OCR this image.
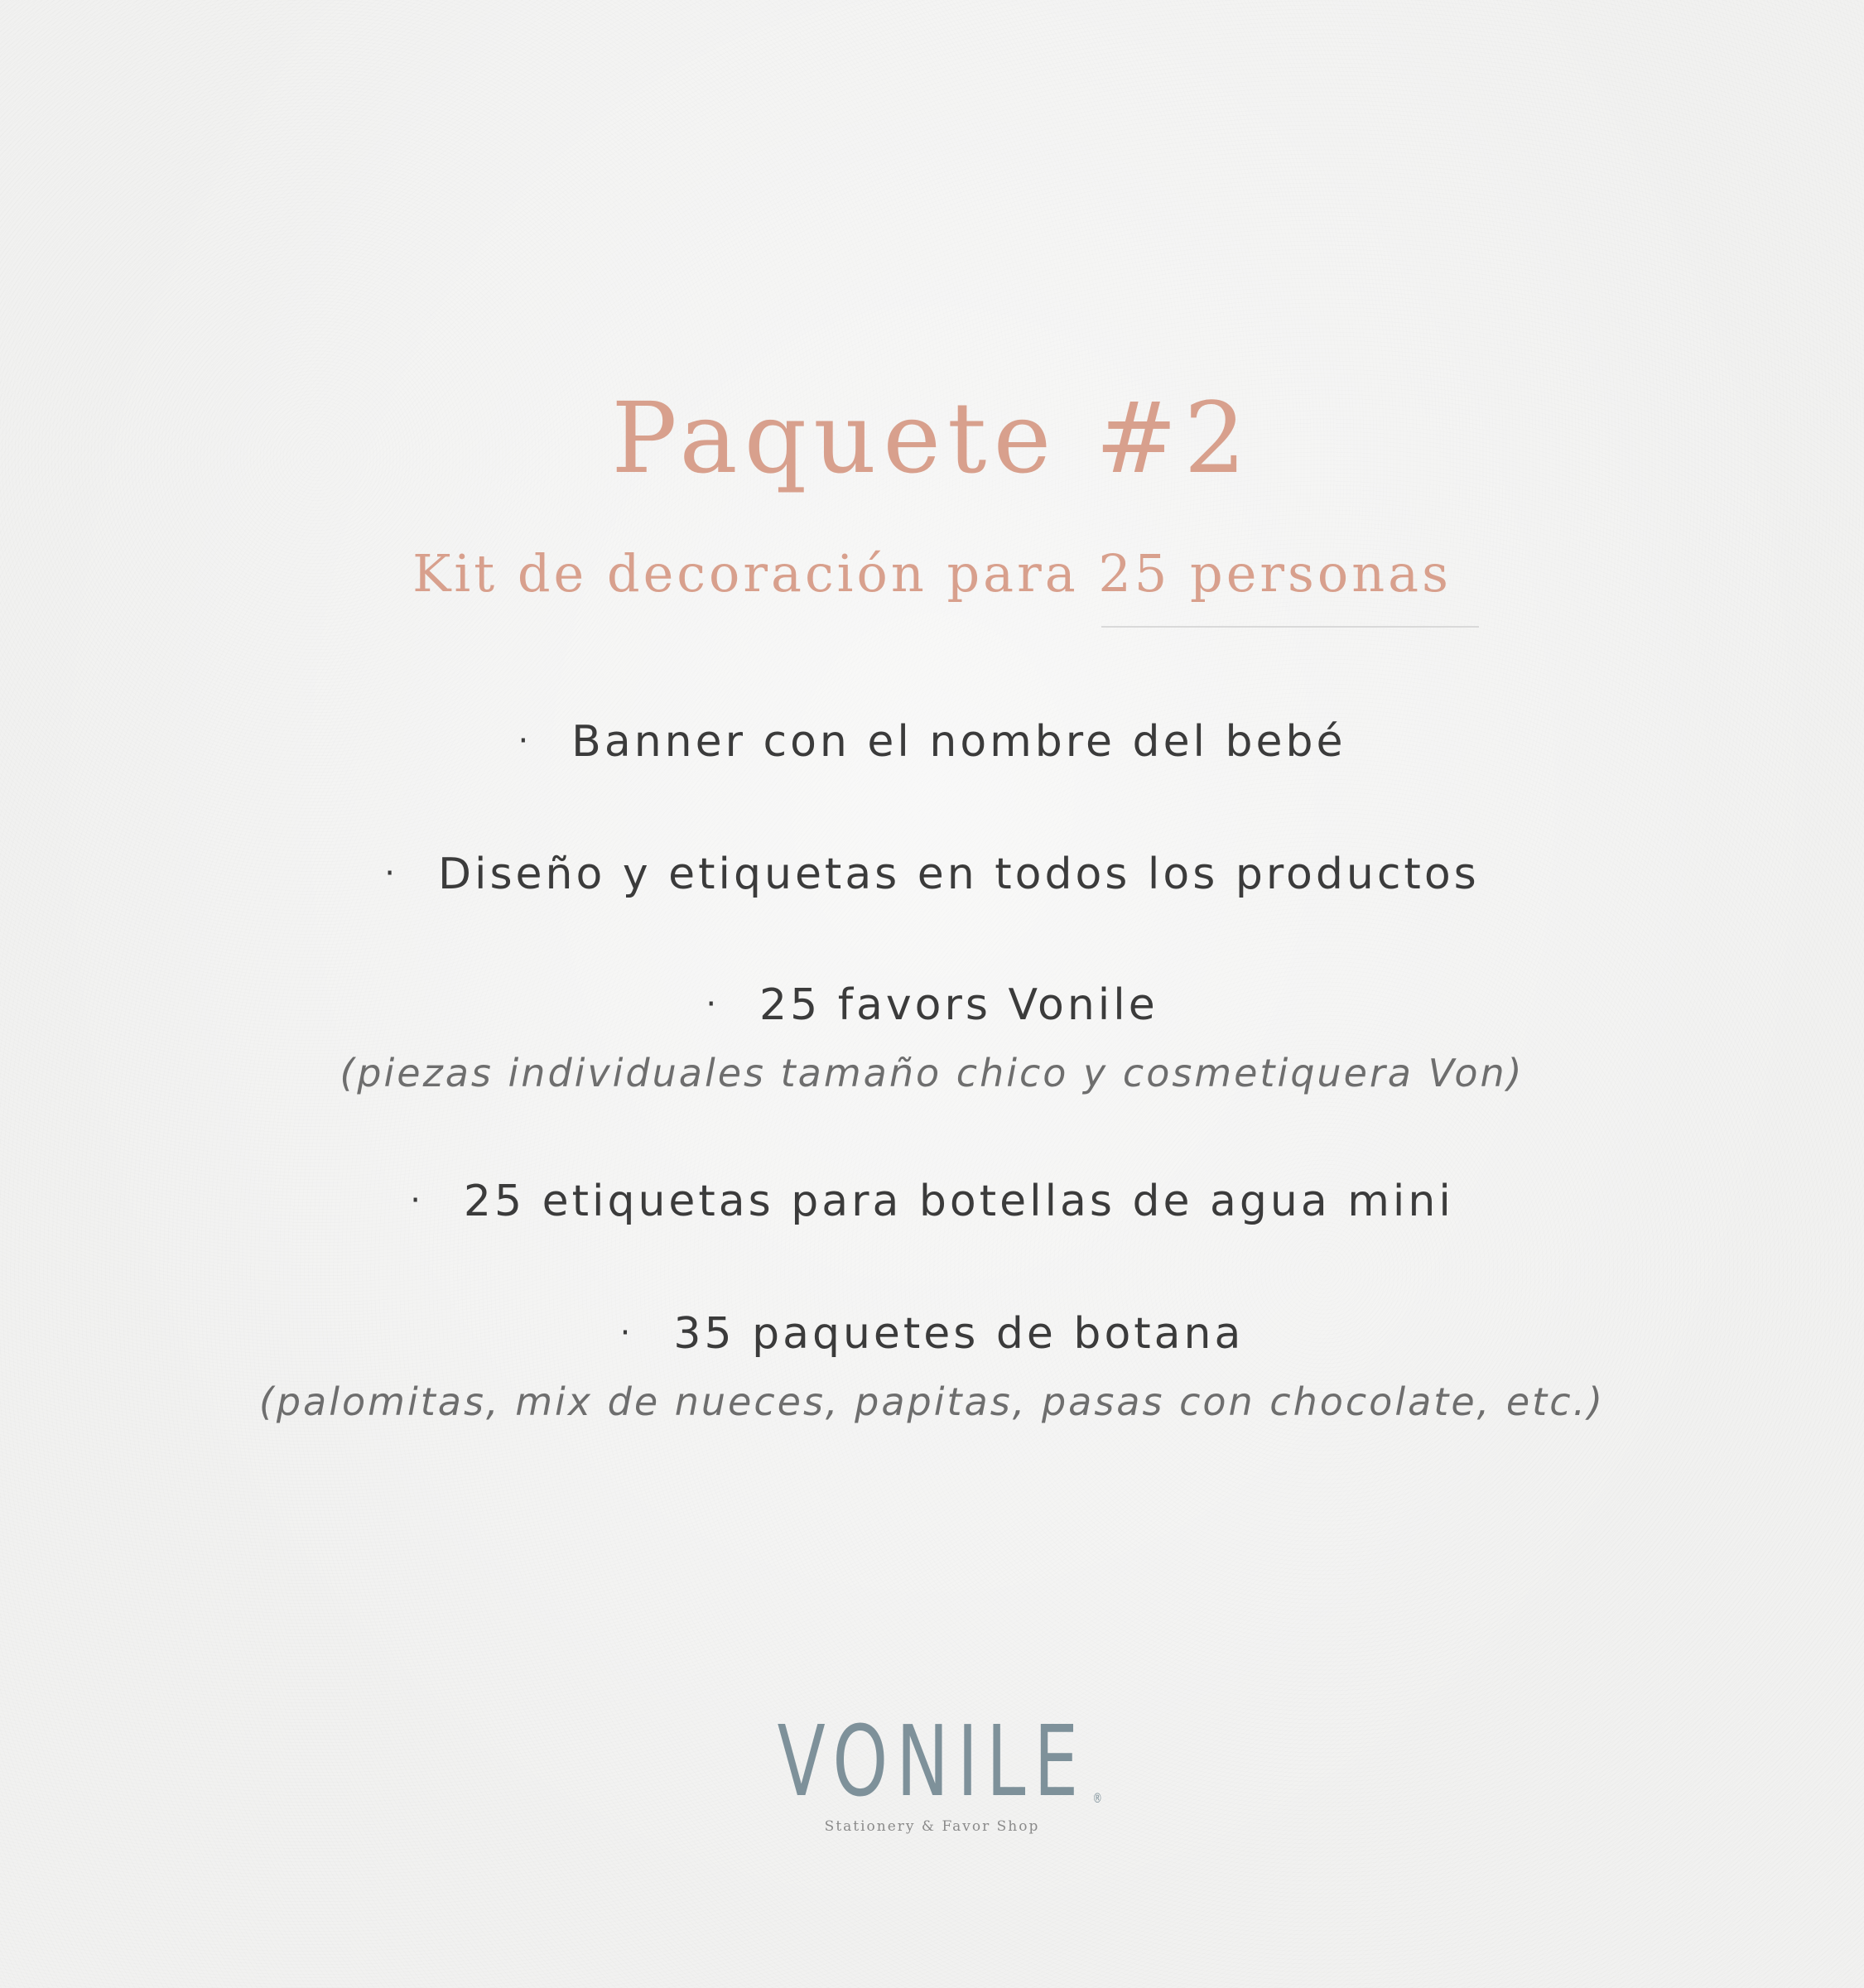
Paquete #2
Kit de decoración para 25 personas
· Banner con el nombre del bebé
· Diseño y etiquetas en todos los productos
· 25 favors Vonile
(piezas individuales tamaño chico y cosmetiquera Von)
· 25 etiquetas para botellas de agua mini
· 35 paquetes de botana
(palomitas, mix de nueces, papitas, pasas con chocolate, etc.)
VONILE ®
Stationery & Favor Shop
